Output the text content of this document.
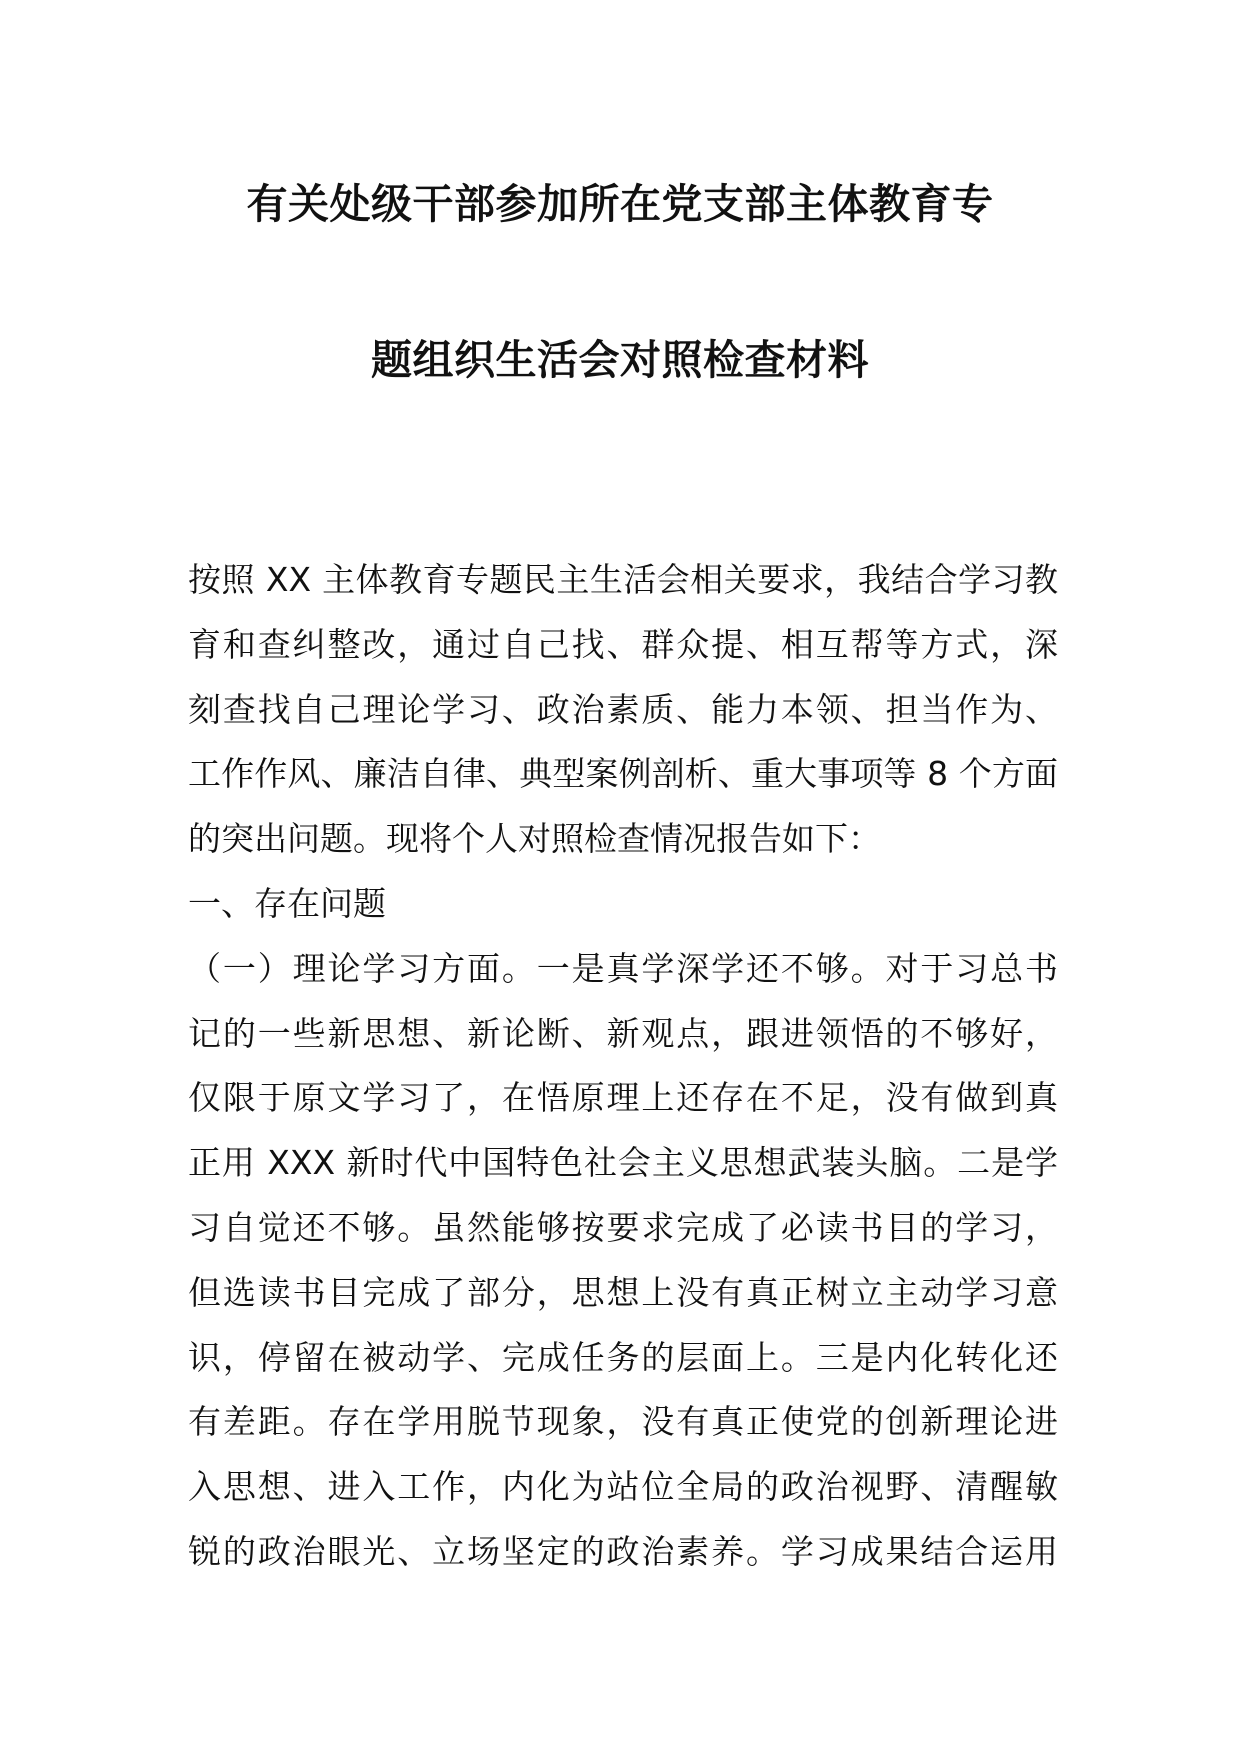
有关处级干部参加所在党支部主体教育专
题组织生活会对照检查材料
按照 XX 主体教育专题民主生活会相关要求，我结合学习教
育和查纠整改，通过自己找、群众提、相互帮等方式，深
刻查找自己理论学习、政治素质、能力本领、担当作为、
工作作风、廉洁自律、典型案例剖析、重大事项等 8 个方面
的突出问题。现将个人对照检查情况报告如下：
一、存在问题
（一）理论学习方面。一是真学深学还不够。对于习总书
记的一些新思想、新论断、新观点，跟进领悟的不够好，
仅限于原文学习了，在悟原理上还存在不足，没有做到真
正用 XXX 新时代中国特色社会主义思想武装头脑。二是学
习自觉还不够。虽然能够按要求完成了必读书目的学习，
但选读书目完成了部分，思想上没有真正树立主动学习意
识，停留在被动学、完成任务的层面上。三是内化转化还
有差距。存在学用脱节现象，没有真正使党的创新理论进
入思想、进入工作，内化为站位全局的政治视野、清醒敏
锐的政治眼光、立场坚定的政治素养。学习成果结合运用
